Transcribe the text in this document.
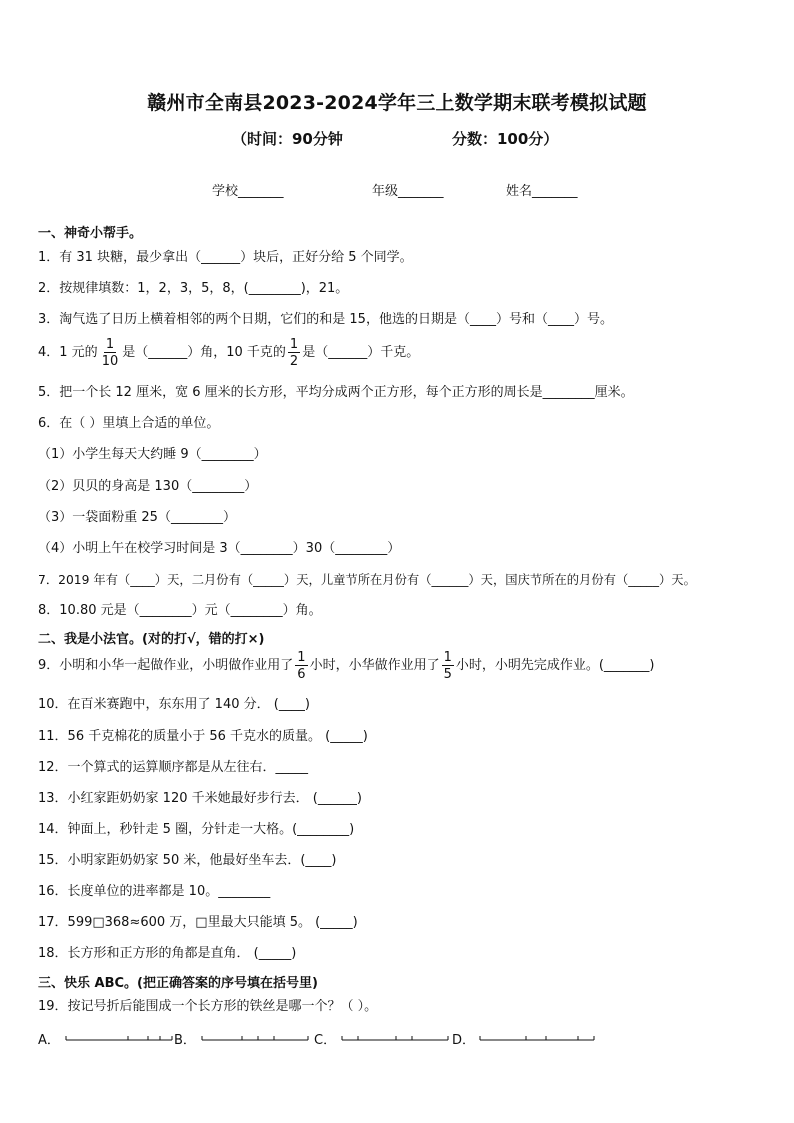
赣州市全南县2023-2024学年三上数学期末联考模拟试题
（时间：90分钟	分数：100分）
学校_______	年级_______	姓名_______
一、神奇小帮手。
1．有 31 块糖，最少拿出（______）块后，正好分给 5 个同学。
2．按规律填数：1，2，3，5，8，(________)，21。
3．淘气选了日历上横着相邻的两个日期，它们的和是 15，他选的日期是（____）号和（____）号。
4．1 元的 $\frac{1}{10}$ 是（______）角，10 千克的 $\frac{1}{2}$ 是（______）千克。
5．把一个长 12 厘米，宽 6 厘米的长方形，平均分成两个正方形，每个正方形的周长是________厘米。
6．在（ ）里填上合适的单位。
（1）小学生每天大约睡 9（________）
（2）贝贝的身高是 130（________）
（3）一袋面粉重 25（________）
（4）小明上午在校学习时间是 3（________）30（________）
7．2019 年有（____）天，二月份有（_____）天，儿童节所在月份有（______）天，国庆节所在的月份有（_____）天。
8．10.80 元是（________）元（________）角。
二、我是小法官。(对的打√，错的打×)
9．小明和小华一起做作业，小明做作业用了 $\frac{1}{6}$ 小时，小华做作业用了 $\frac{1}{5}$ 小时，小明先完成作业。(_______)
10．在百米赛跑中，东东用了 140 分． (____)
11．56 千克棉花的质量小于 56 千克水的质量。 (_____)
12．一个算式的运算顺序都是从左往右．_____
13．小红家距奶奶家 120 千米她最好步行去． (______)
14．钟面上，秒针走 5 圈，分针走一大格。(________)
15．小明家距奶奶家 50 米，他最好坐车去．(____)
16．长度单位的进率都是 10。________
17．599□368≈600 万，□里最大只能填 5。 (_____)
18．长方形和正方形的角都是直角． (_____)
三、快乐 ABC。(把正确答案的序号填在括号里)
19．按记号折后能围成一个长方形的铁丝是哪一个？（ ）。
A．	B．	C．	D．
